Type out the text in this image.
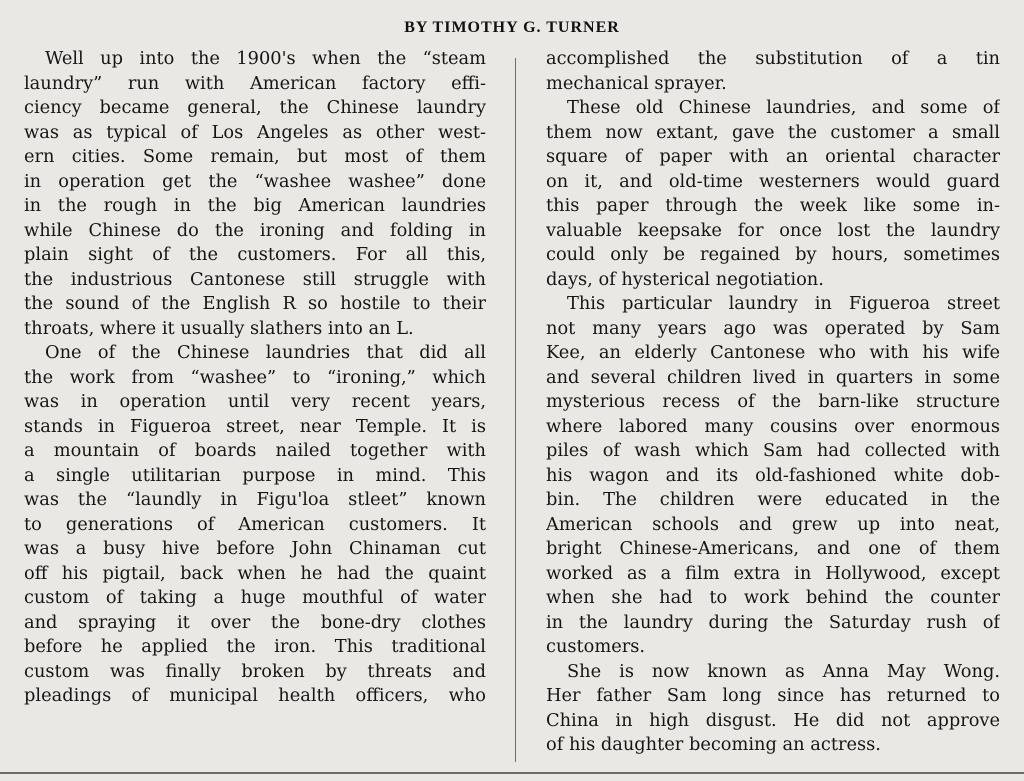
BY TIMOTHY G. TURNER
Well up into the 1900's when the “steam
laundry” run with American factory effi-
ciency became general, the Chinese laundry
was as typical of Los Angeles as other west-
ern cities. Some remain, but most of them
in operation get the “washee washee” done
in the rough in the big American laundries
while Chinese do the ironing and folding in
plain sight of the customers. For all this,
the industrious Cantonese still struggle with
the sound of the English R so hostile to their
throats, where it usually slathers into an L.
One of the Chinese laundries that did all
the work from “washee” to “ironing,” which
was in operation until very recent years,
stands in Figueroa street, near Temple. It is
a mountain of boards nailed together with
a single utilitarian purpose in mind. This
was the “laundly in Figu'loa stleet” known
to generations of American customers. It
was a busy hive before John Chinaman cut
off his pigtail, back when he had the quaint
custom of taking a huge mouthful of water
and spraying it over the bone-dry clothes
before he applied the iron. This traditional
custom was finally broken by threats and
pleadings of municipal health officers, who
accomplished the substitution of a tin
mechanical sprayer.
These old Chinese laundries, and some of
them now extant, gave the customer a small
square of paper with an oriental character
on it, and old-time westerners would guard
this paper through the week like some in-
valuable keepsake for once lost the laundry
could only be regained by hours, sometimes
days, of hysterical negotiation.
This particular laundry in Figueroa street
not many years ago was operated by Sam
Kee, an elderly Cantonese who with his wife
and several children lived in quarters in some
mysterious recess of the barn-like structure
where labored many cousins over enormous
piles of wash which Sam had collected with
his wagon and its old-fashioned white dob-
bin. The children were educated in the
American schools and grew up into neat,
bright Chinese-Americans, and one of them
worked as a film extra in Hollywood, except
when she had to work behind the counter
in the laundry during the Saturday rush of
customers.
She is now known as Anna May Wong.
Her father Sam long since has returned to
China in high disgust. He did not approve
of his daughter becoming an actress.
